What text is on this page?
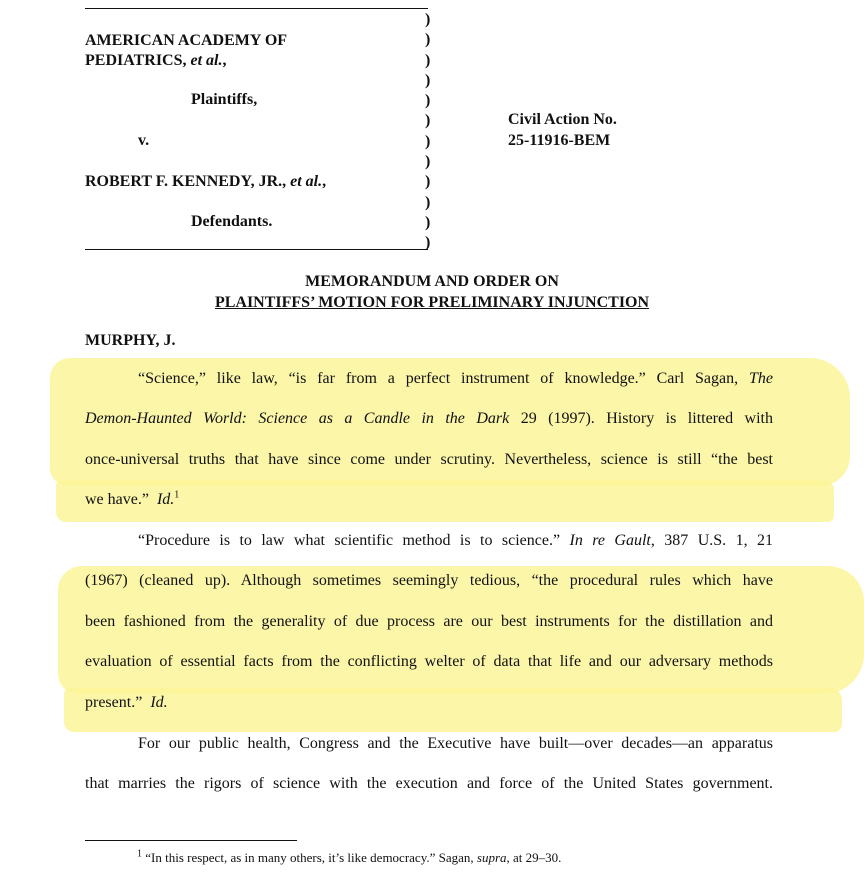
)
)
)
)
)
)
)
)
)
)
)
)
AMERICAN ACADEMY OF
PEDIATRICS, et al.,
Plaintiffs,
v.
ROBERT F. KENNEDY, JR., et al.,
Defendants.
Civil Action No.
25-11916-BEM
MEMORANDUM AND ORDER ON
PLAINTIFFS’ MOTION FOR PRELIMINARY INJUNCTION
MURPHY, J.
“Science,” like law, “is far from a perfect instrument of knowledge.” Carl Sagan, The
Demon-Haunted World: Science as a Candle in the Dark 29 (1997). History is littered with
once-universal truths that have since come under scrutiny. Nevertheless, science is still “the best
we have.” Id.$^1$
“Procedure is to law what scientific method is to science.” In re Gault, 387 U.S. 1, 21
(1967) (cleaned up). Although sometimes seemingly tedious, “the procedural rules which have
been fashioned from the generality of due process are our best instruments for the distillation and
evaluation of essential facts from the conflicting welter of data that life and our adversary methods
present.” Id.
For our public health, Congress and the Executive have built—over decades—an apparatus
that marries the rigors of science with the execution and force of the United States government.
$^1$ “In this respect, as in many others, it’s like democracy.” Sagan, supra, at 29–30.
